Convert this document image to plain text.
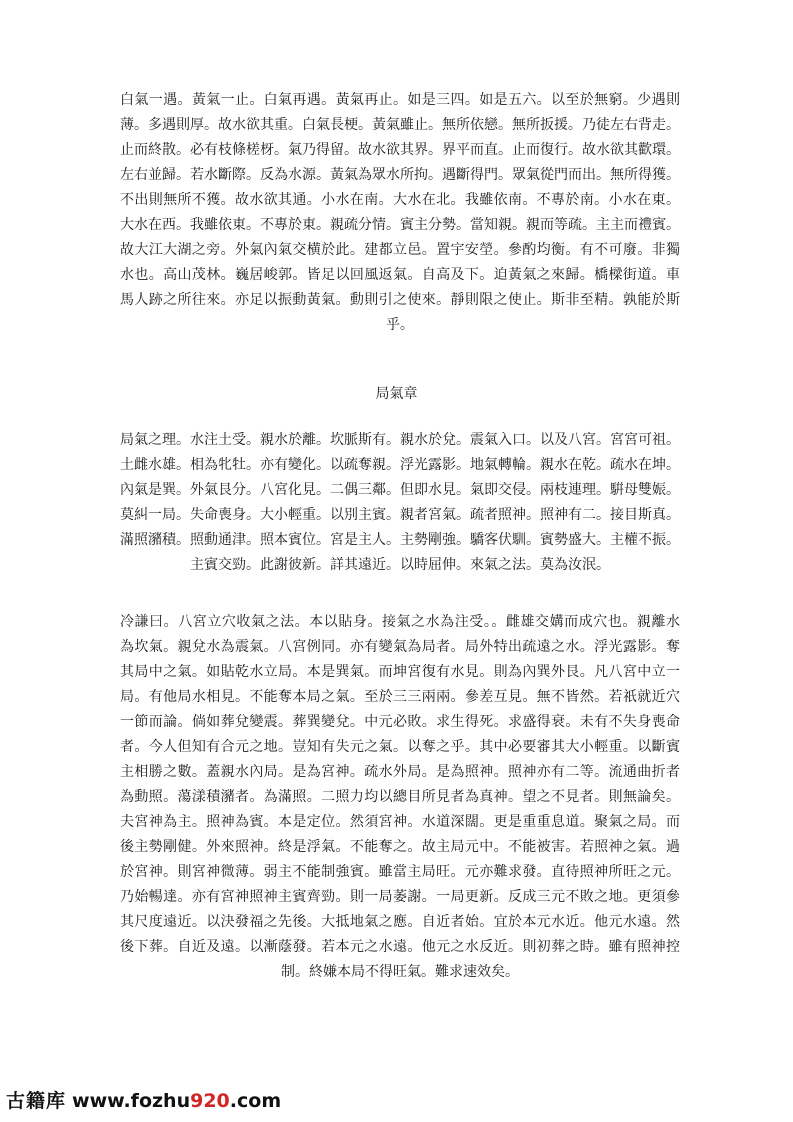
白氣一遇。黃氣一止。白氣再遇。黃氣再止。如是三四。如是五六。以至於無窮。少遇則
薄。多遇則厚。故水欲其重。白氣長梗。黃氣雖止。無所依戀。無所扳援。乃徒左右背走。
止而終散。必有枝條槎枒。氣乃得留。故水欲其界。界平而直。止而復行。故水欲其歡環。
左右並歸。若水斷際。反為水源。黃氣為眾水所拘。遇斷得門。眾氣從門而出。無所得獲。
不出則無所不獲。故水欲其通。小水在南。大水在北。我雖依南。不專於南。小水在東。
大水在西。我雖依東。不專於東。親疏分情。賓主分勢。當知親。親而等疏。主主而禮賓。
故大江大湖之旁。外氣內氣交横於此。建都立邑。置宇安塋。參酌均衡。有不可廢。非獨
水也。高山茂林。巍居峻郭。皆足以回風返氣。自高及下。迫黃氣之來歸。橋樑街道。車
馬人跡之所往來。亦足以振動黃氣。動則引之使來。靜則限之使止。斯非至精。孰能於斯
乎。
局氣章
局氣之理。水注土受。親水於離。坎脈斯有。親水於兌。震氣入口。以及八宮。宮宮可祖。
土雌水雄。相為牝牡。亦有變化。以疏奪親。浮光露影。地氣轉輪。親水在乾。疏水在坤。
內氣是巽。外氣艮分。八宮化見。二偶三鄰。但即水見。氣即交侵。兩枝連理。騈母雙娠。
莫糾一局。失命喪身。大小輕重。以別主賓。親者宮氣。疏者照神。照神有二。接目斯真。
滿照瀦積。照動通津。照本賓位。宮是主人。主勢剛強。驕客伏馴。賓勢盛大。主權不振。
主賓交勁。此謝彼新。詳其遠近。以時屈伸。來氣之法。莫為汝泯。
冷謙曰。八宮立穴收氣之法。本以貼身。接氣之水為注受。。雌雄交媾而成穴也。親離水
為坎氣。親兌水為震氣。八宮例同。亦有變氣為局者。局外特出疏遠之水。浮光露影。奪
其局中之氣。如貼乾水立局。本是巽氣。而坤宮復有水見。則為內巽外艮。凡八宮中立一
局。有他局水相見。不能奪本局之氣。至於三三兩兩。參差互見。無不皆然。若祇就近穴
一節而論。倘如葬兌變震。葬巽變兌。中元必敗。求生得死。求盛得衰。未有不失身喪命
者。今人但知有合元之地。豈知有失元之氣。以奪之乎。其中必要審其大小輕重。以斷賓
主相勝之數。蓋親水內局。是為宮神。疏水外局。是為照神。照神亦有二等。流通曲折者
為動照。蕩漾積瀦者。為滿照。二照力均以總目所見者為真神。望之不見者。則無論矣。
夫宮神為主。照神為賓。本是定位。然須宮神。水道深闊。更是重重息道。聚氣之局。而
後主勢剛健。外來照神。終是浮氣。不能奪之。故主局元中。不能被害。若照神之氣。過
於宮神。則宮神微薄。弱主不能制強賓。雖當主局旺。元亦難求發。直待照神所旺之元。
乃始暢達。亦有宮神照神主賓齊勁。則一局萎謝。一局更新。反成三元不敗之地。更須參
其尺度遠近。以決發福之先後。大抵地氣之應。自近者始。宜於本元水近。他元水遠。然
後下葬。自近及遠。以漸蔭發。若本元之水遠。他元之水反近。則初葬之時。雖有照神控
制。終嫌本局不得旺氣。難求速效矣。
古籍库 www.fozhu920.com
